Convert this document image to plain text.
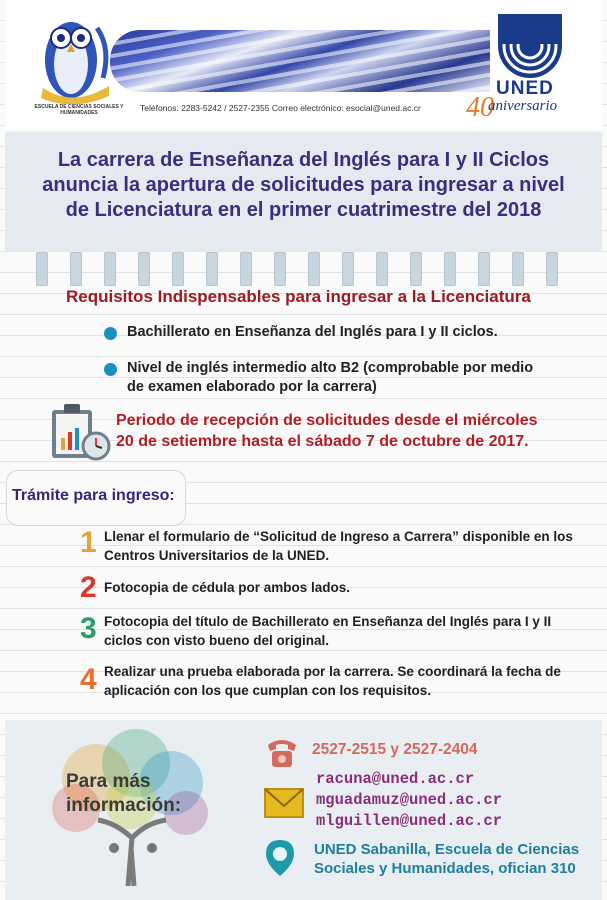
ESCUELA DE CIENCIAS SOCIALES Y HUMANIDADES	Teléfonos: 2283-5242 / 2527-2355 Correo electrónico: esocial@uned.ac.cr
UNED
40
aniversario
La carrera de Enseñanza del Inglés para I y II Ciclos
anuncia la apertura de solicitudes para ingresar a nivel
de Licenciatura en el primer cuatrimestre del 2018
Requisitos Indispensables para ingresar a la Licenciatura
Bachillerato en Enseñanza del Inglés para I y II ciclos.
Nivel de inglés intermedio alto B2 (comprobable por medio
de examen elaborado por la carrera)
Periodo de recepción de solicitudes desde el miércoles
20 de setiembre hasta el sábado 7 de octubre de 2017.
Trámite para ingreso:
1 Llenar el formulario de “Solicitud de Ingreso a Carrera” disponible en los
Centros Universitarios de la UNED.
2 Fotocopia de cédula por ambos lados.
3 Fotocopia del título de Bachillerato en Enseñanza del Inglés para I y II
ciclos con visto bueno del original.
4 Realizar una prueba elaborada por la carrera. Se coordinará la fecha de
aplicación con los que cumplan con los requisitos.
Para más
información:
2527-2515 y 2527-2404
racuna@uned.ac.cr
mguadamuz@uned.ac.cr
mlguillen@uned.ac.cr
UNED Sabanilla, Escuela de Ciencias
Sociales y Humanidades, ofician 310
